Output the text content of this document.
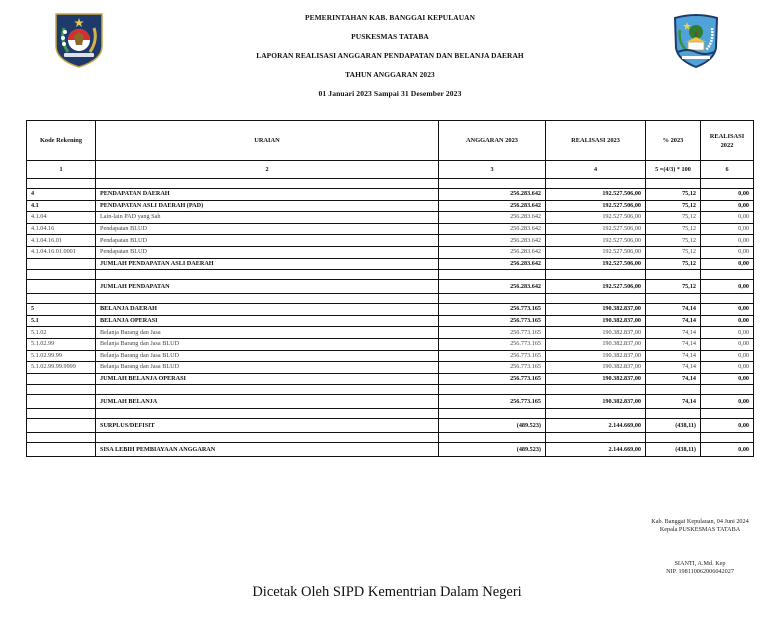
PEMERINTAHAN KAB. BANGGAI KEPULAUAN
PUSKESMAS TATABA
LAPORAN REALISASI ANGGARAN PENDAPATAN DAN BELANJA DAERAH
TAHUN ANGGARAN 2023
01 Januari 2023 Sampai 31 Desember 2023
Kode Rekening	URAIAN	ANGGARAN 2023	REALISASI 2023	% 2023	REALISASI 2022
1	2	3	4	5 =(4/3) * 100	6

4	PENDAPATAN DAERAH	256.283.642	192.527.506,00	75,12	0,00
4.1	PENDAPATAN ASLI DAERAH (PAD)	256.283.642	192.527.506,00	75,12	0,00
4.1.04	Lain-lain PAD yang Sah	256.283.642	192.527.506,00	75,12	0,00
4.1.04.16	Pendapatan BLUD	256.283.642	192.527.506,00	75,12	0,00
4.1.04.16.01	Pendapatan BLUD	256.283.642	192.527.506,00	75,12	0,00
4.1.04.16.01.0001	Pendapatan BLUD	256.283.642	192.527.506,00	75,12	0,00
	JUMLAH PENDAPATAN ASLI DAERAH	256.283.642	192.527.506,00	75,12	0,00

	JUMLAH PENDAPATAN	256.283.642	192.527.506,00	75,12	0,00

5	BELANJA DAERAH	256.773.165	190.382.837,00	74,14	0,00
5.1	BELANJA OPERASI	256.773.165	190.382.837,00	74,14	0,00
5.1.02	Belanja Barang dan Jasa	256.773.165	190.382.837,00	74,14	0,00
5.1.02.99	Belanja Barang dan Jasa BLUD	256.773.165	190.382.837,00	74,14	0,00
5.1.02.99.99	Belanja Barang dan Jasa BLUD	256.773.165	190.382.837,00	74,14	0,00
5.1.02.99.99.9999	Belanja Barang dan Jasa BLUD	256.773.165	190.382.837,00	74,14	0,00
	JUMLAH BELANJA OPERASI	256.773.165	190.382.837,00	74,14	0,00

	JUMLAH BELANJA	256.773.165	190.382.837,00	74,14	0,00

	SURPLUS/DEFISIT	(489.523)	2.144.669,00	(438,11)	0,00

	SISA LEBIH PEMBIAYAAN ANGGARAN	(489.523)	2.144.669,00	(438,11)	0,00
Kab. Banggai Kepulauan, 04 Juni 2024
Kepala PUSKESMAS TATABA
SIANTI, A.Md. Kep
NIP. 198110062006042027
Dicetak Oleh SIPD Kementrian Dalam Negeri
